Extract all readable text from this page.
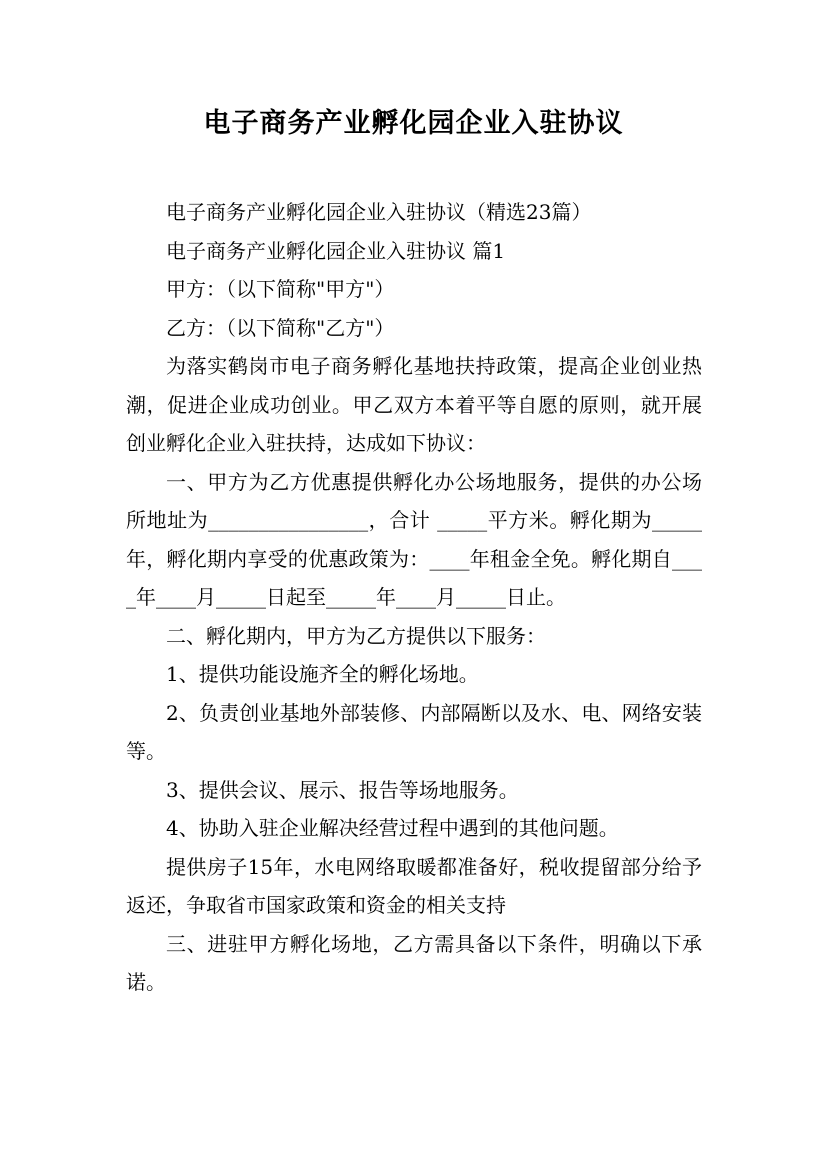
电子商务产业孵化园企业入驻协议

电子商务产业孵化园企业入驻协议（精选23篇）

电子商务产业孵化园企业入驻协议 篇1

甲方：（以下简称"甲方"）

乙方：（以下简称"乙方"）

为落实鹤岗市电子商务孵化基地扶持政策，提高企业创业热潮，促进企业成功创业。甲乙双方本着平等自愿的原则，就开展创业孵化企业入驻扶持，达成如下协议：

一、甲方为乙方优惠提供孵化办公场地服务，提供的办公场所地址为________________，合计 _____平方米。孵化期为_____年，孵化期内享受的优惠政策为：____年租金全免。孵化期自____年____月_____日起至_____年____月_____日止。

二、孵化期内，甲方为乙方提供以下服务：

1、提供功能设施齐全的孵化场地。

2、负责创业基地外部装修、内部隔断以及水、电、网络安装等。

3、提供会议、展示、报告等场地服务。

4、协助入驻企业解决经营过程中遇到的其他问题。

提供房子15年，水电网络取暖都准备好，税收提留部分给予返还，争取省市国家政策和资金的相关支持

三、进驻甲方孵化场地，乙方需具备以下条件，明确以下承诺。
